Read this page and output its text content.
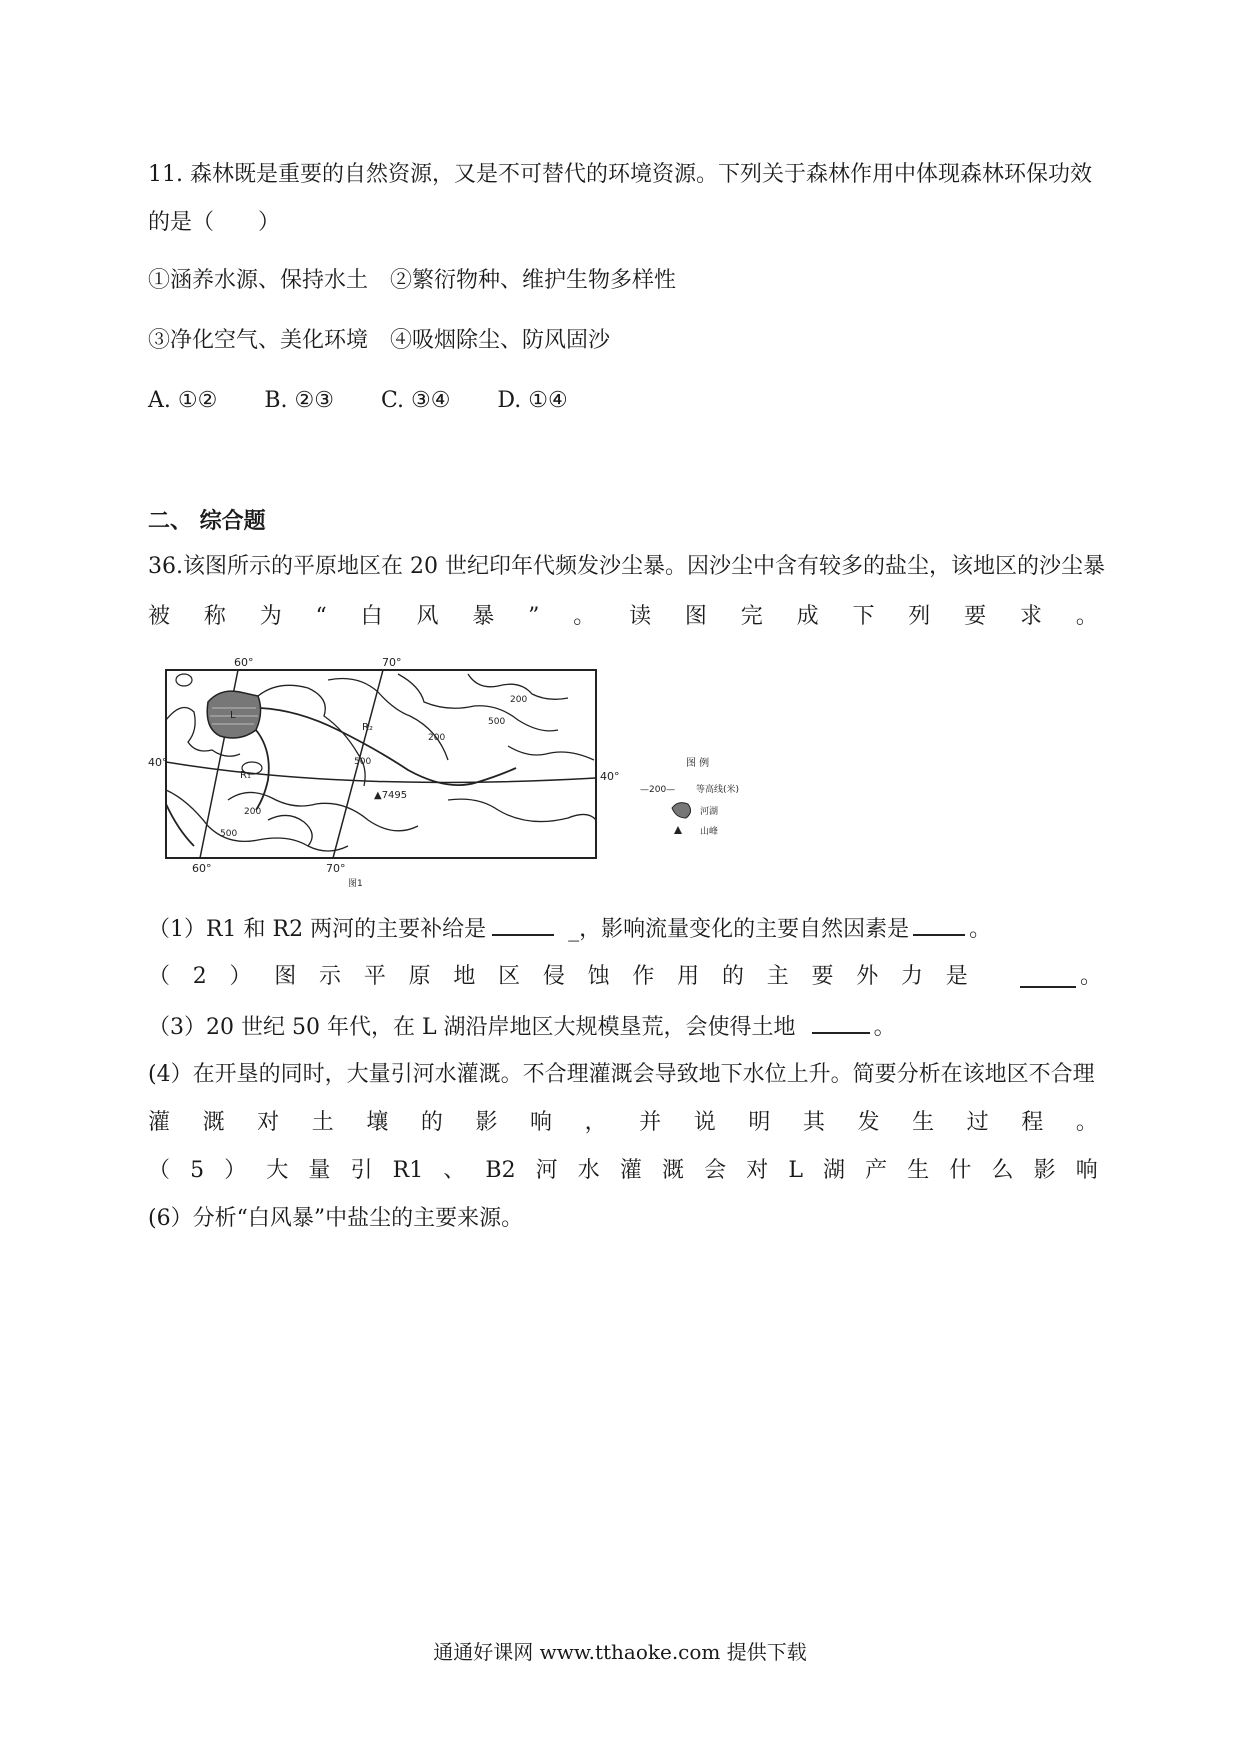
11. 森林既是重要的自然资源，又是不可替代的环境资源。下列关于森林作用中体现森林环保功效
的是（　　）
①涵养水源、保持水土　②繁衍物种、维护生物多样性
③净化空气、美化环境　④吸烟除尘、防风固沙
A. ①② B. ②③ C. ③④ D. ①④
二、 综合题
36.该图所示的平原地区在 20 世纪印年代频发沙尘暴。因沙尘中含有较多的盐尘，该地区的沙尘暴
被 称 为 “ 白 风 暴 ” 。 读 图 完 成 下 列 要 求 。
60°	70°
60°	70°
40°
40°
L
R₁
R₂
500
200
500
200
200
500
▲7495
图1
图 例
—200— 等高线(米)
河湖
山峰
（1）R1 和 R2 两河的主要补给是	_，影响流量变化的主要自然因素是	。
（ 2 ） 图 示 平 原 地 区 侵 蚀 作 用 的 主 要 外 力 是	。
（3）20 世纪 50 年代，在 L 湖沿岸地区大规模垦荒，会使得土地	。
(4）在开垦的同时，大量引河水灌溉。不合理灌溉会导致地下水位上升。简要分析在该地区不合理
灌 溉 对 土 壤 的 影 响 ， 并 说 明 其 发 生 过 程 。
（ 5 ） 大 量 引 R1 、 B2 河 水 灌 溉 会 对 L 湖 产 生 什 么 影 响
(6）分析“白风暴”中盐尘的主要来源。
通通好课网 www.tthaoke.com 提供下载
